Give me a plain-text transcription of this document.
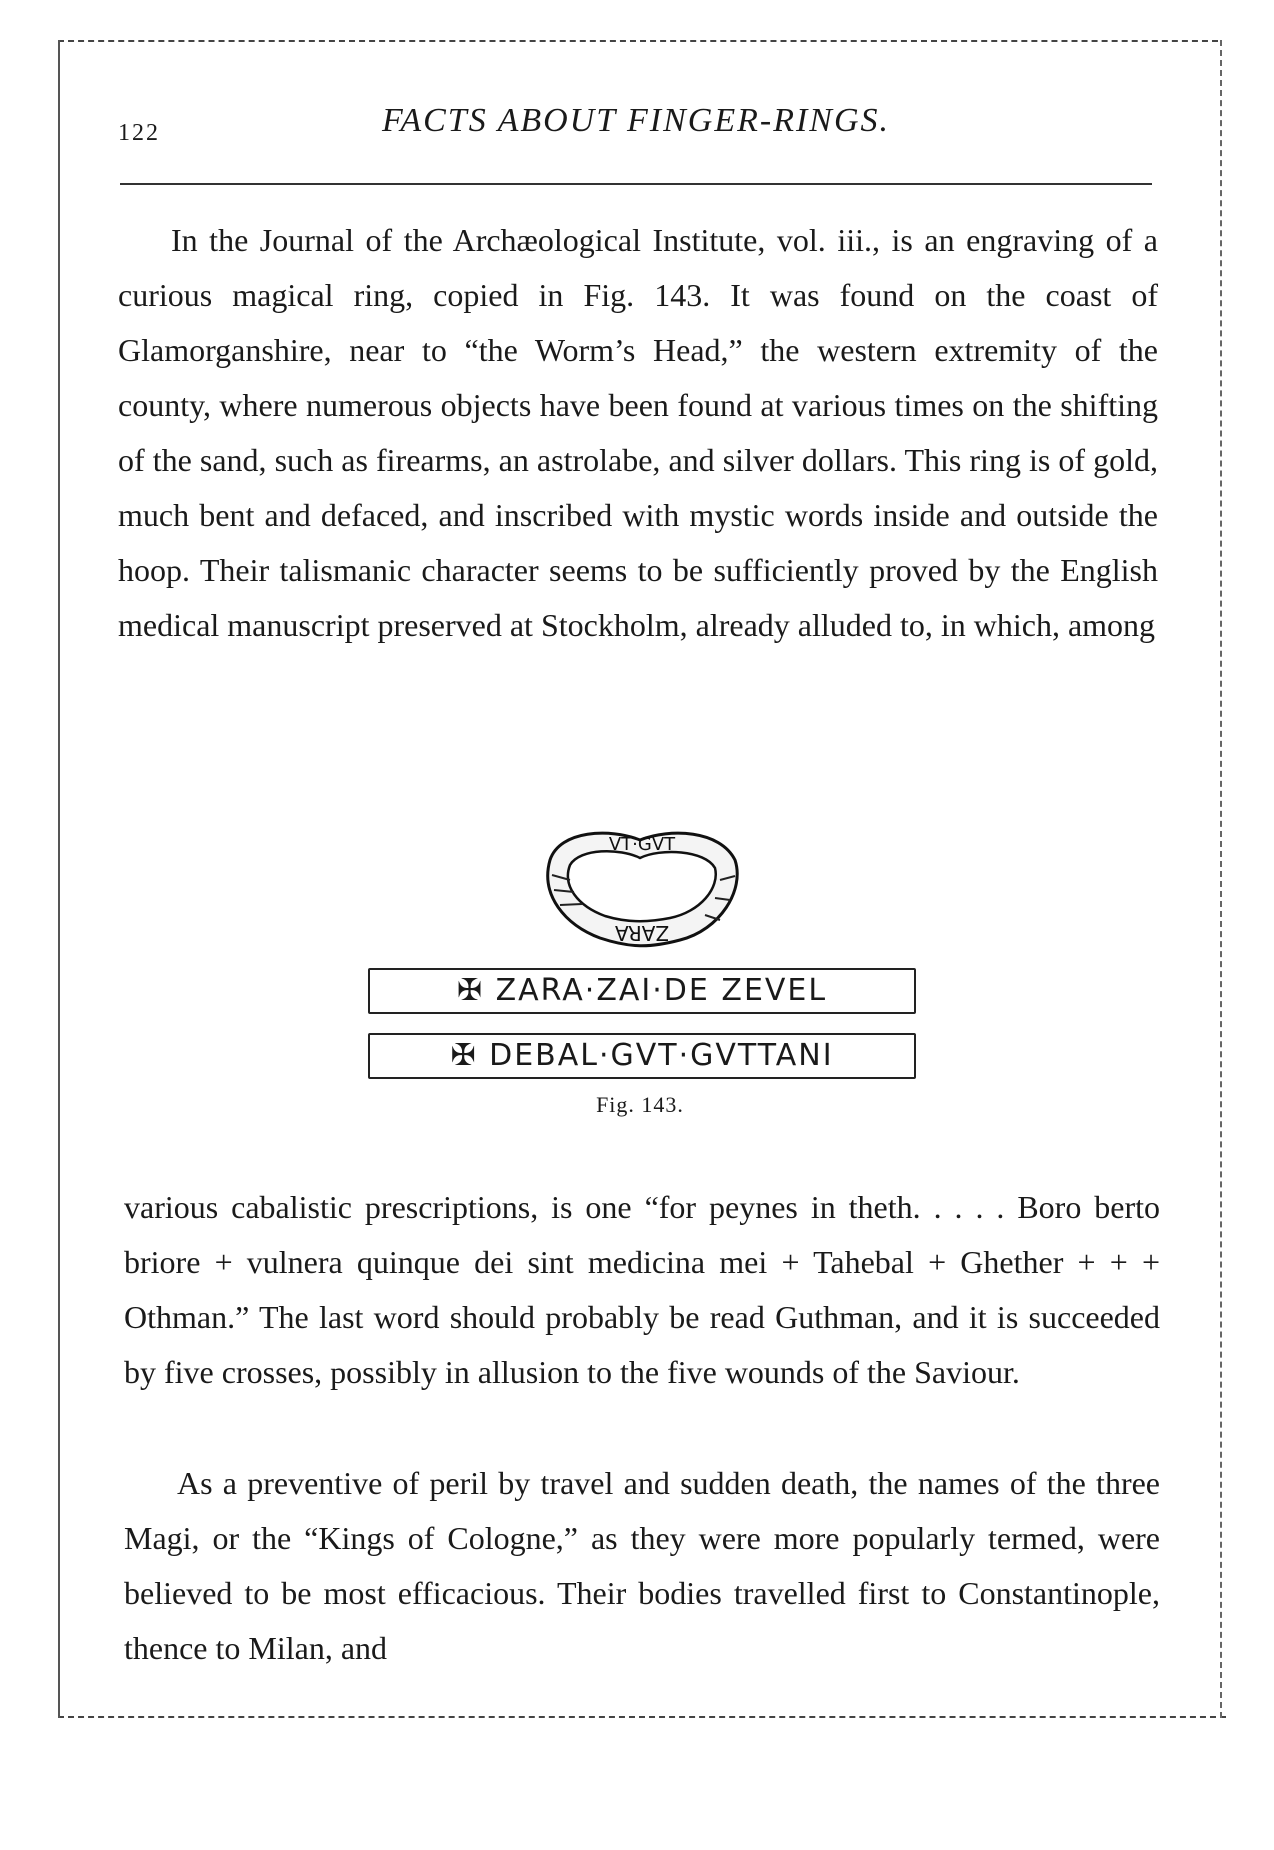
122	FACTS ABOUT FINGER-RINGS.

In the Journal of the Archæological Institute, vol. iii., is an engraving of a curious magical ring, copied in Fig. 143. It was found on the coast of Glamorganshire, near to “the Worm’s Head,” the western extremity of the county, where numerous objects have been found at various times on the shifting of the sand, such as firearms, an astrolabe, and silver dollars. This ring is of gold, much bent and defaced, and inscribed with mystic words inside and outside the hoop. Their talismanic character seems to be sufficiently proved by the English medical manuscript preserved at Stockholm, already alluded to, in which, among

VT·GVT
ZARA
✠ ZARA·ZAI·DE ZEVEL
✠ DEBAL·GVT·GVTTANI
Fig. 143.

various cabalistic prescriptions, is one “for peynes in theth. . . . . Boro berto briore + vulnera quinque dei sint medicina mei + Tahebal + Ghether + + + Othman.” The last word should probably be read Guthman, and it is succeeded by five crosses, possibly in allusion to the five wounds of the Saviour.

As a preventive of peril by travel and sudden death, the names of the three Magi, or the “Kings of Cologne,” as they were more popularly termed, were believed to be most efficacious. Their bodies travelled first to Constantinople, thence to Milan, and
